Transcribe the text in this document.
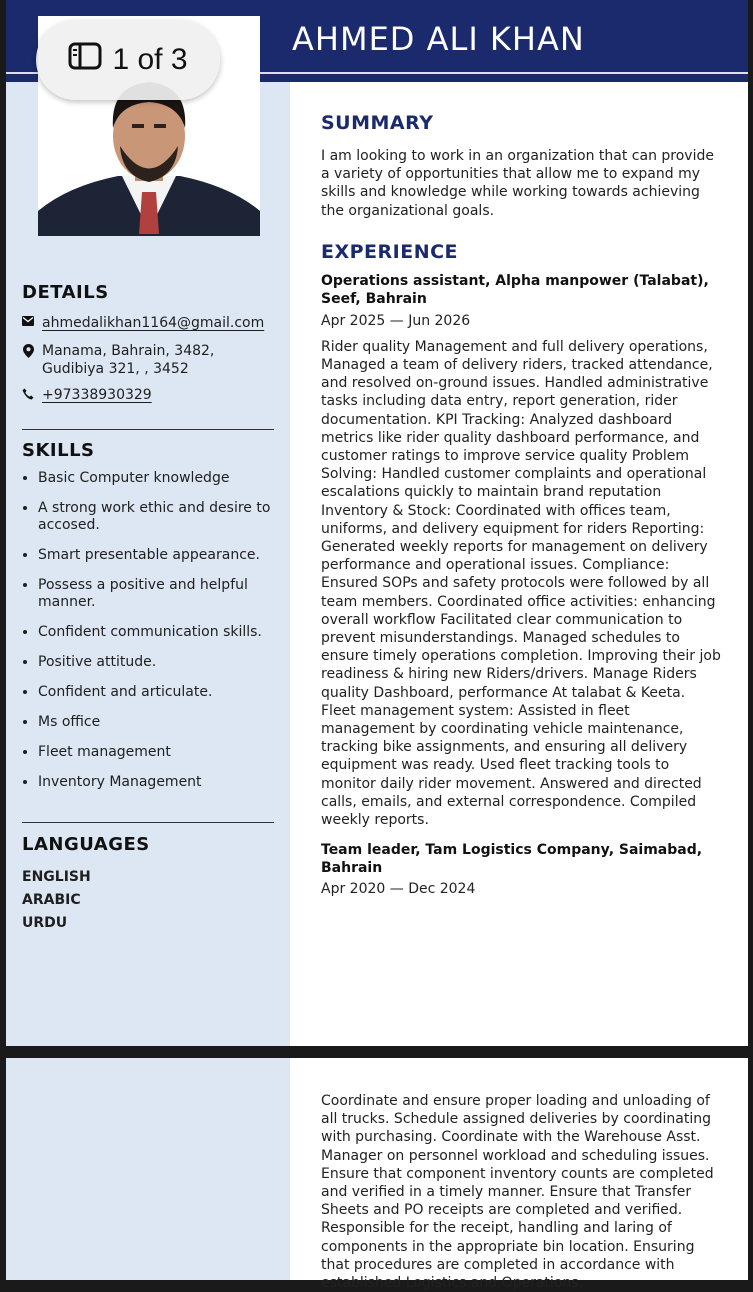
AHMED ALI KHAN
1 of 3
DETAILS
ahmedalikhan1164@gmail.com
Manama, Bahrain, 3482, Gudibiya 321, , 3452
+97338930329
SKILLS
• Basic Computer knowledge
• A strong work ethic and desire to accosed.
• Smart presentable appearance.
• Possess a positive and helpful manner.
• Confident communication skills.
• Positive attitude.
• Confident and articulate.
• Ms office
• Fleet management
• Inventory Management
LANGUAGES
ENGLISH
ARABIC
URDU
SUMMARY
I am looking to work in an organization that can provide a variety of opportunities that allow me to expand my skills and knowledge while working towards achieving the organizational goals.
EXPERIENCE
Operations assistant, Alpha manpower (Talabat), Seef, Bahrain
Apr 2025 — Jun 2026
Rider quality Management and full delivery operations, Managed a team of delivery riders, tracked attendance, and resolved on-ground issues. Handled administrative tasks including data entry, report generation, rider documentation. KPI Tracking: Analyzed dashboard metrics like rider quality dashboard performance, and customer ratings to improve service quality Problem Solving: Handled customer complaints and operational escalations quickly to maintain brand reputation Inventory & Stock: Coordinated with offices team, uniforms, and delivery equipment for riders Reporting: Generated weekly reports for management on delivery performance and operational issues. Compliance: Ensured SOPs and safety protocols were followed by all team members. Coordinated office activities: enhancing overall workflow Facilitated clear communication to prevent misunderstandings. Managed schedules to ensure timely operations completion. Improving their job readiness & hiring new Riders/drivers. Manage Riders quality Dashboard, performance At talabat & Keeta. Fleet management system: Assisted in fleet management by coordinating vehicle maintenance, tracking bike assignments, and ensuring all delivery equipment was ready. Used fleet tracking tools to monitor daily rider movement. Answered and directed calls, emails, and external correspondence. Compiled weekly reports.
Team leader, Tam Logistics Company, Saimabad, Bahrain
Apr 2020 — Dec 2024
Coordinate and ensure proper loading and unloading of all trucks. Schedule assigned deliveries by coordinating with purchasing. Coordinate with the Warehouse Asst. Manager on personnel workload and scheduling issues. Ensure that component inventory counts are completed and verified in a timely manner. Ensure that Transfer Sheets and PO receipts are completed and verified. Responsible for the receipt, handling and laring of components in the appropriate bin location. Ensuring that procedures are completed in accordance with established Logistics and Operations.
